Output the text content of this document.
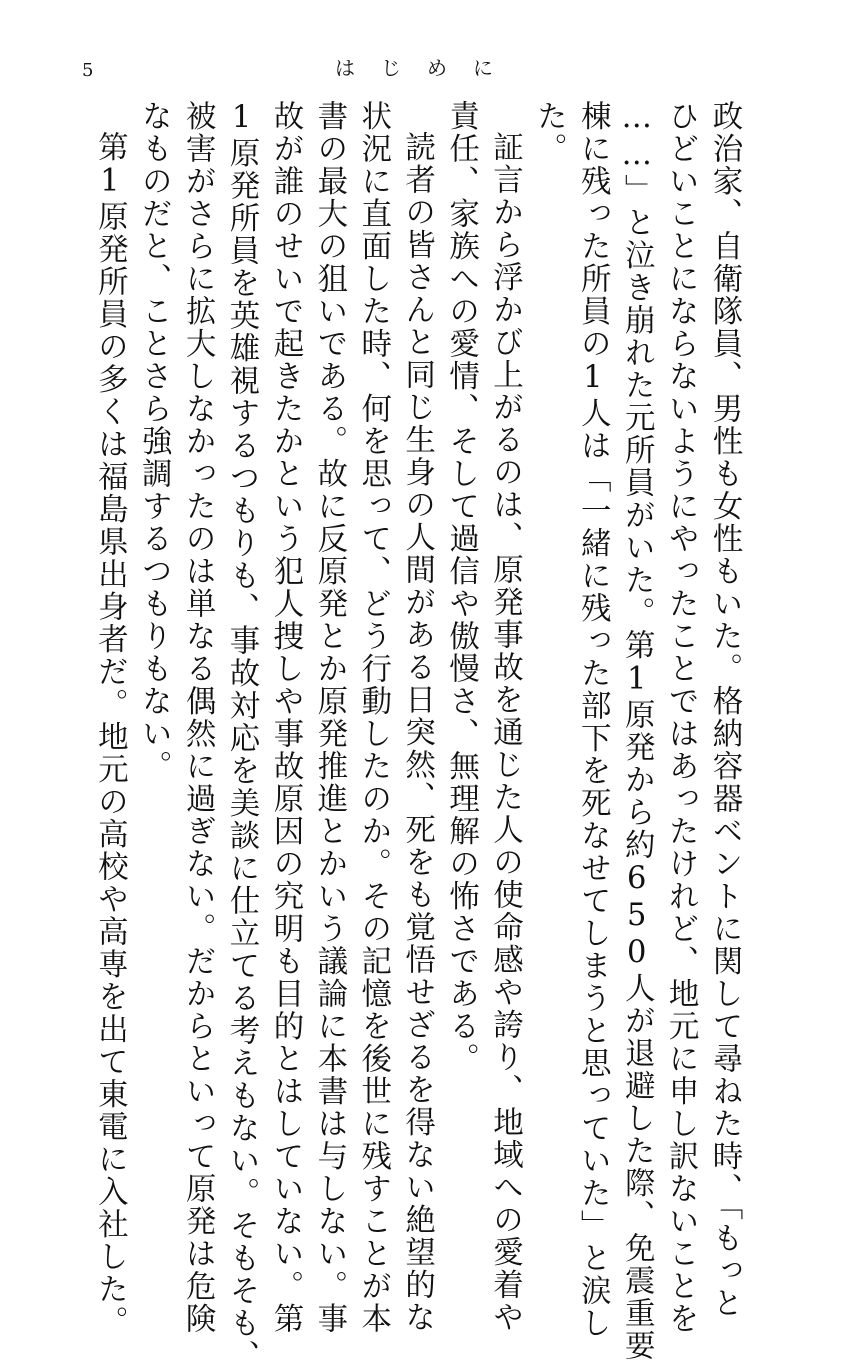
5	はじめに
政治家、自衛隊員、男性も女性もいた。格納容器ベントに関して尋ねた時、「もっと
ひどいことにならないようにやったことではあったけれど、地元に申し訳ないことを
……」と泣き崩れた元所員がいた。第1原発から約650人が退避した際、免震重要
棟に残った所員の1人は「一緒に残った部下を死なせてしまうと思っていた」と涙し
た。
証言から浮かび上がるのは、原発事故を通じた人の使命感や誇り、地域への愛着や
責任、家族への愛情、そして過信や傲慢さ、無理解の怖さである。
読者の皆さんと同じ生身の人間がある日突然、死をも覚悟せざるを得ない絶望的な
状況に直面した時、何を思って、どう行動したのか。その記憶を後世に残すことが本
書の最大の狙いである。故に反原発とか原発推進とかいう議論に本書は与しない。事
故が誰のせいで起きたかという犯人捜しや事故原因の究明も目的とはしていない。第
1原発所員を英雄視するつもりも、事故対応を美談に仕立てる考えもない。そもそも、
被害がさらに拡大しなかったのは単なる偶然に過ぎない。だからといって原発は危険
なものだと、ことさら強調するつもりもない。
第1原発所員の多くは福島県出身者だ。地元の高校や高専を出て東電に入社した。
